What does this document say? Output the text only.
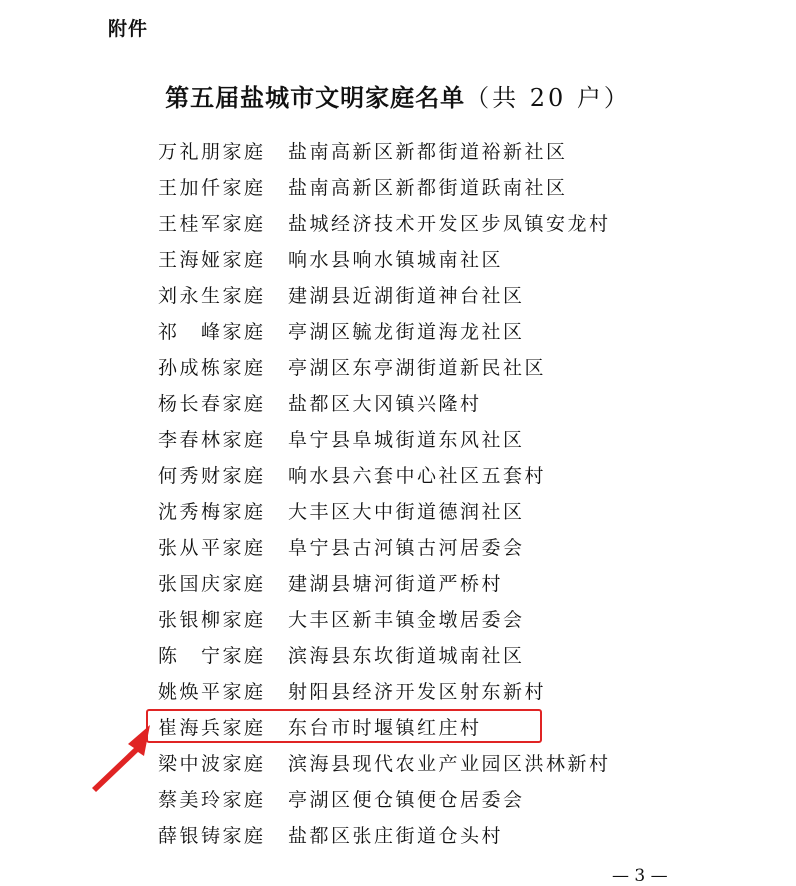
附件
第五届盐城市文明家庭名单（共 20 户）
万礼朋家庭 盐南高新区新都街道裕新社区
王加仟家庭 盐南高新区新都街道跃南社区
王桂军家庭 盐城经济技术开发区步凤镇安龙村
王海娅家庭 响水县响水镇城南社区
刘永生家庭 建湖县近湖街道神台社区
祁　峰家庭 亭湖区毓龙街道海龙社区
孙成栋家庭 亭湖区东亭湖街道新民社区
杨长春家庭 盐都区大冈镇兴隆村
李春林家庭 阜宁县阜城街道东风社区
何秀财家庭 响水县六套中心社区五套村
沈秀梅家庭 大丰区大中街道德润社区
张从平家庭 阜宁县古河镇古河居委会
张国庆家庭 建湖县塘河街道严桥村
张银柳家庭 大丰区新丰镇金墩居委会
陈　宁家庭 滨海县东坎街道城南社区
姚焕平家庭 射阳县经济开发区射东新村
崔海兵家庭 东台市时堰镇红庄村
梁中波家庭 滨海县现代农业产业园区洪林新村
蔡美玲家庭 亭湖区便仓镇便仓居委会
薛银铸家庭 盐都区张庄街道仓头村
— 3 —
